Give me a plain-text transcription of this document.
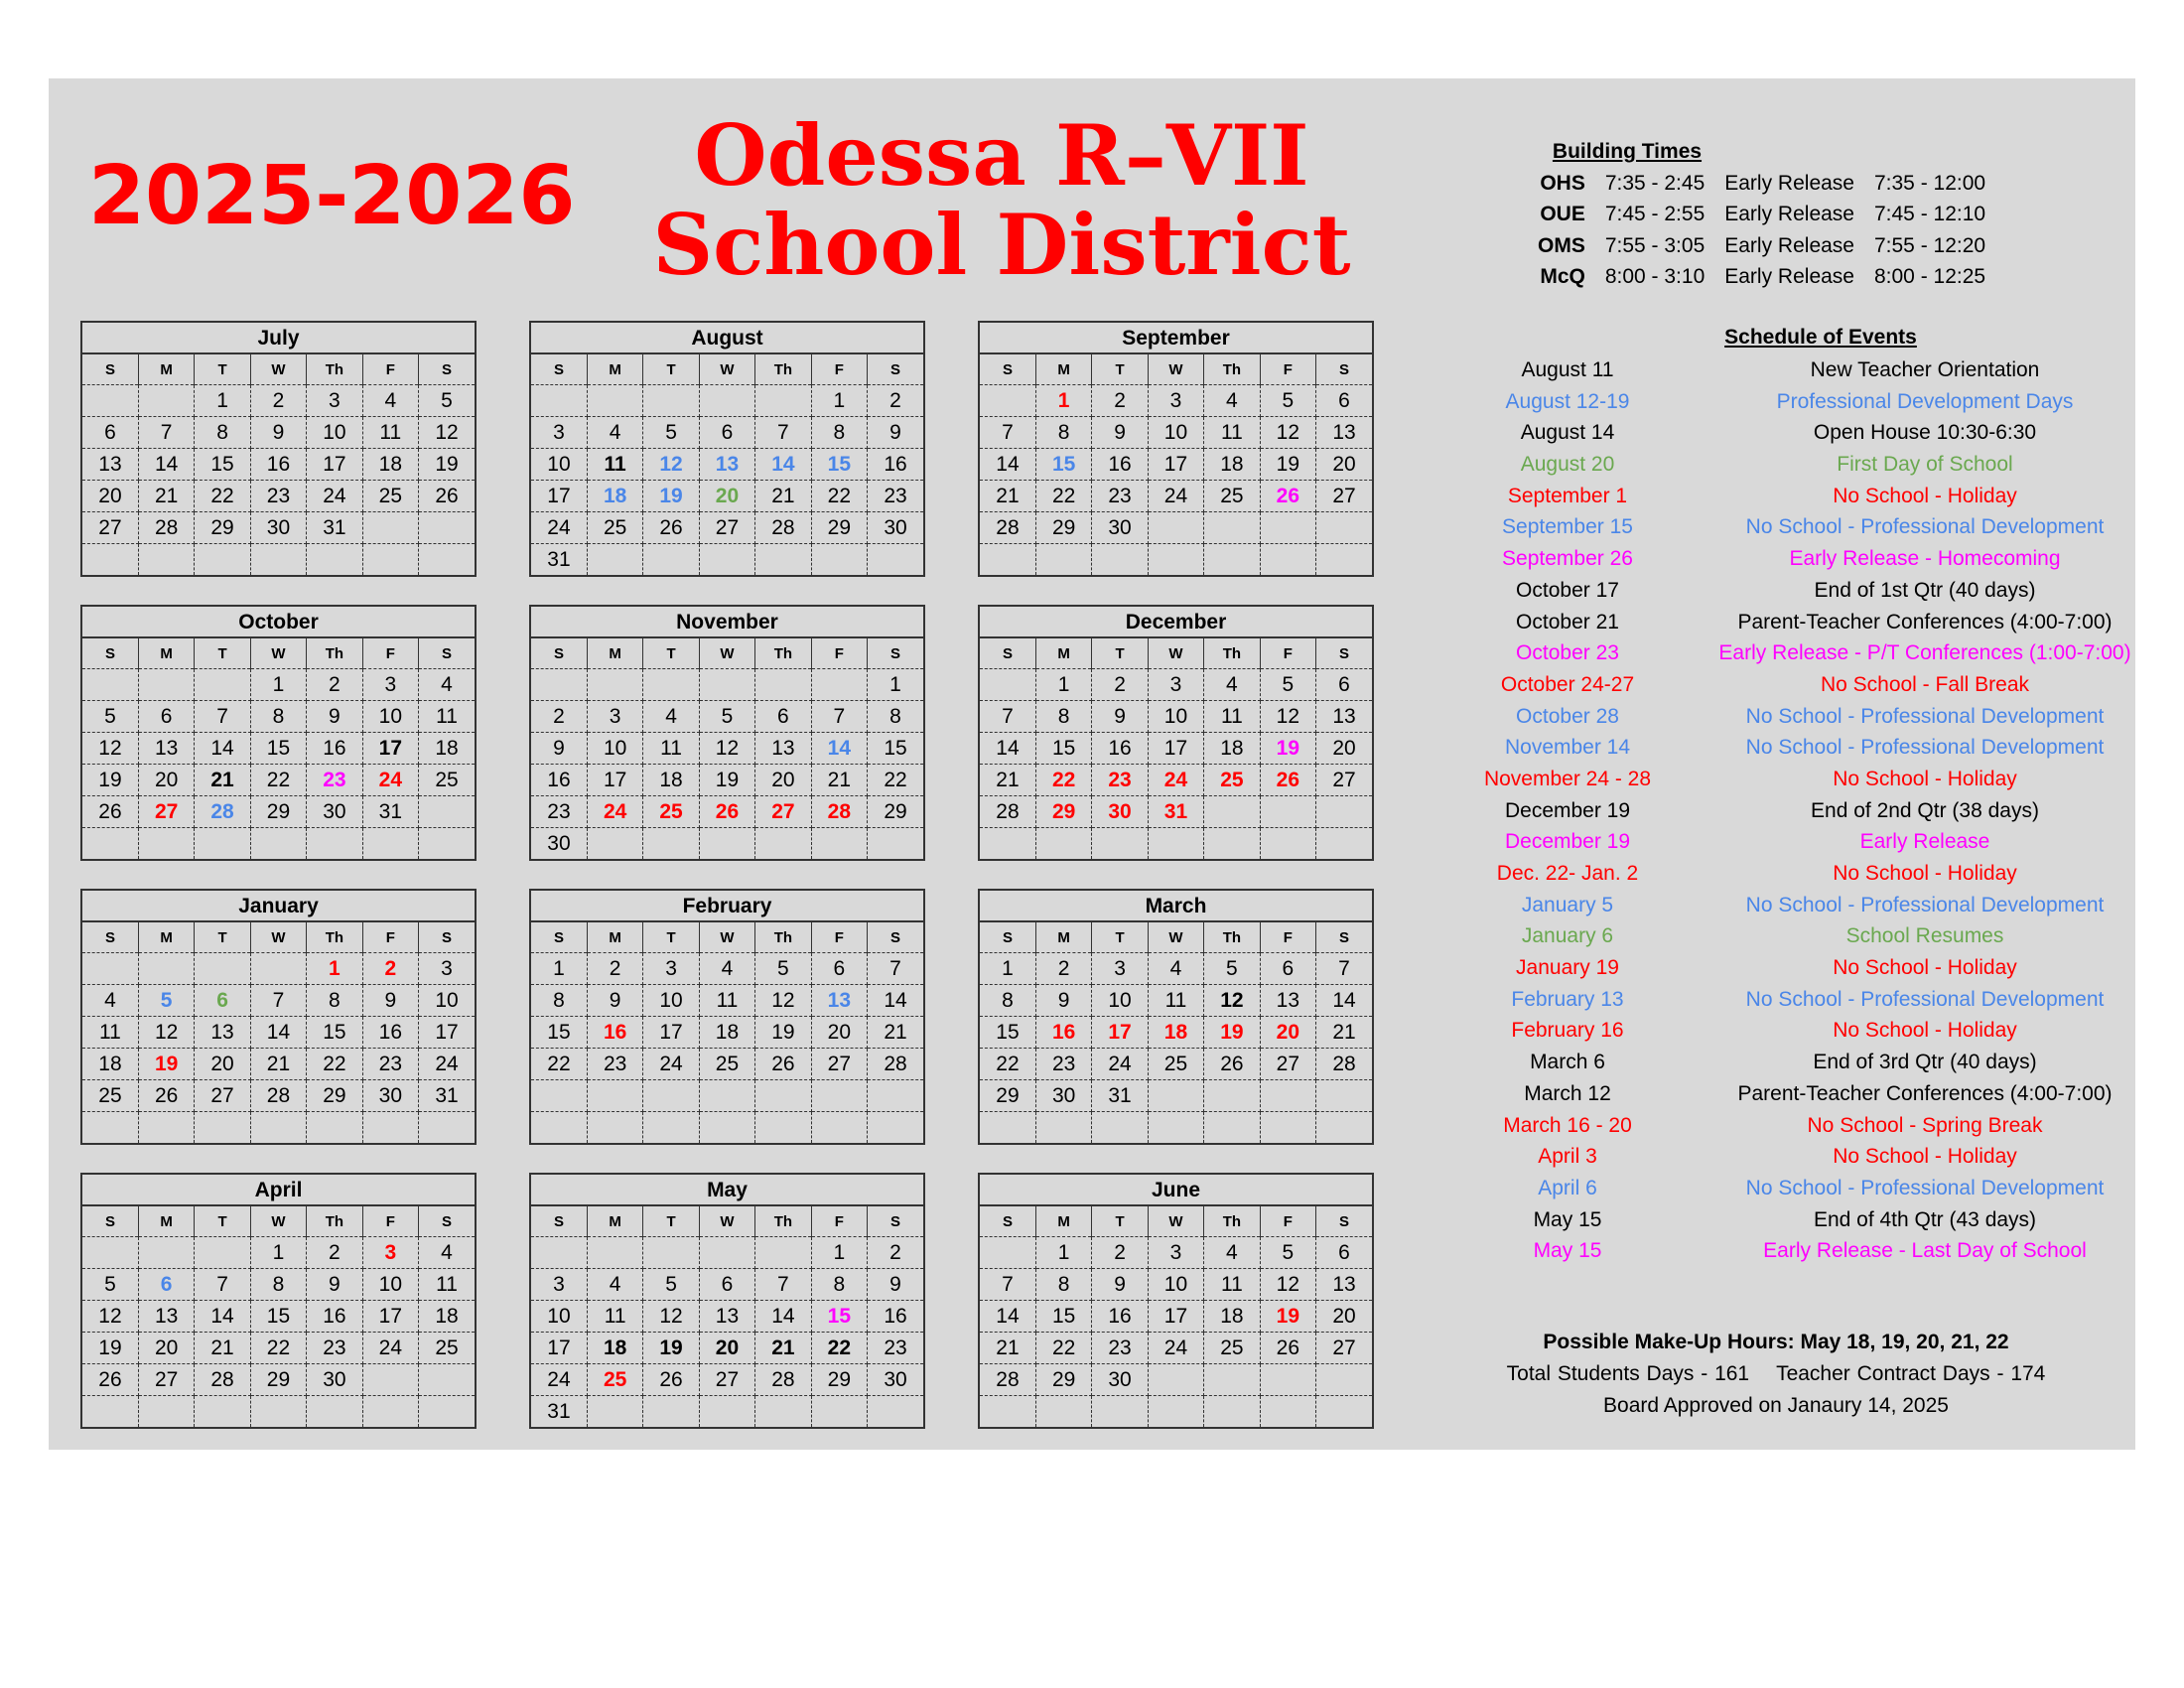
2025-2026	Odessa R–VII
School District
July
S	M	T	W	Th	F	S
		1	2	3	4	5
6	7	8	9	10	11	12
13	14	15	16	17	18	19
20	21	22	23	24	25	26
27	28	29	30	31		

August
S	M	T	W	Th	F	S
					1	2
3	4	5	6	7	8	9
10	11	12	13	14	15	16
17	18	19	20	21	22	23
24	25	26	27	28	29	30
31						
September
S	M	T	W	Th	F	S
	1	2	3	4	5	6
7	8	9	10	11	12	13
14	15	16	17	18	19	20
21	22	23	24	25	26	27
28	29	30				

October
S	M	T	W	Th	F	S
			1	2	3	4
5	6	7	8	9	10	11
12	13	14	15	16	17	18
19	20	21	22	23	24	25
26	27	28	29	30	31	

November
S	M	T	W	Th	F	S
						1
2	3	4	5	6	7	8
9	10	11	12	13	14	15
16	17	18	19	20	21	22
23	24	25	26	27	28	29
30						
December
S	M	T	W	Th	F	S
	1	2	3	4	5	6
7	8	9	10	11	12	13
14	15	16	17	18	19	20
21	22	23	24	25	26	27
28	29	30	31			

January
S	M	T	W	Th	F	S
				1	2	3
4	5	6	7	8	9	10
11	12	13	14	15	16	17
18	19	20	21	22	23	24
25	26	27	28	29	30	31

February
S	M	T	W	Th	F	S
1	2	3	4	5	6	7
8	9	10	11	12	13	14
15	16	17	18	19	20	21
22	23	24	25	26	27	28

March
S	M	T	W	Th	F	S
1	2	3	4	5	6	7
8	9	10	11	12	13	14
15	16	17	18	19	20	21
22	23	24	25	26	27	28
29	30	31				

April
S	M	T	W	Th	F	S
			1	2	3	4
5	6	7	8	9	10	11
12	13	14	15	16	17	18
19	20	21	22	23	24	25
26	27	28	29	30		

May
S	M	T	W	Th	F	S
					1	2
3	4	5	6	7	8	9
10	11	12	13	14	15	16
17	18	19	20	21	22	23
24	25	26	27	28	29	30
31						
June
S	M	T	W	Th	F	S
	1	2	3	4	5	6
7	8	9	10	11	12	13
14	15	16	17	18	19	20
21	22	23	24	25	26	27
28	29	30				

Building Times
OHS	7:35 - 2:45	Early Release	7:35 - 12:00
OUE	7:45 - 2:55	Early Release	7:45 - 12:10
OMS	7:55 - 3:05	Early Release	7:55 - 12:20
McQ	8:00 - 3:10	Early Release	8:00 - 12:25
Schedule of Events
August 11	New Teacher Orientation
August 12-19	Professional Development Days
August 14	Open House 10:30-6:30
August 20	First Day of School
September 1	No School - Holiday
September 15	No School - Professional Development
September 26	Early Release - Homecoming
October 17	End of 1st Qtr (40 days)
October 21	Parent-Teacher Conferences (4:00-7:00)
October 23	Early Release - P/T Conferences (1:00-7:00)
October 24-27	No School - Fall Break
October 28	No School - Professional Development
November 14	No School - Professional Development
November 24 - 28	No School - Holiday
December 19	End of 2nd Qtr (38 days)
December 19	Early Release
Dec. 22- Jan. 2	No School - Holiday
January 5	No School - Professional Development
January 6	School Resumes
January 19	No School - Holiday
February 13	No School - Professional Development
February 16	No School - Holiday
March 6	End of 3rd Qtr (40 days)
March 12	Parent-Teacher Conferences (4:00-7:00)
March 16 - 20	No School - Spring Break
April 3	No School - Holiday
April 6	No School - Professional Development
May 15	End of 4th Qtr (43 days)
May 15	Early Release - Last Day of School
Possible Make-Up Hours: May 18, 19, 20, 21, 22
Total Students Days - 161    Teacher Contract Days - 174
Board Approved on Janaury 14, 2025
